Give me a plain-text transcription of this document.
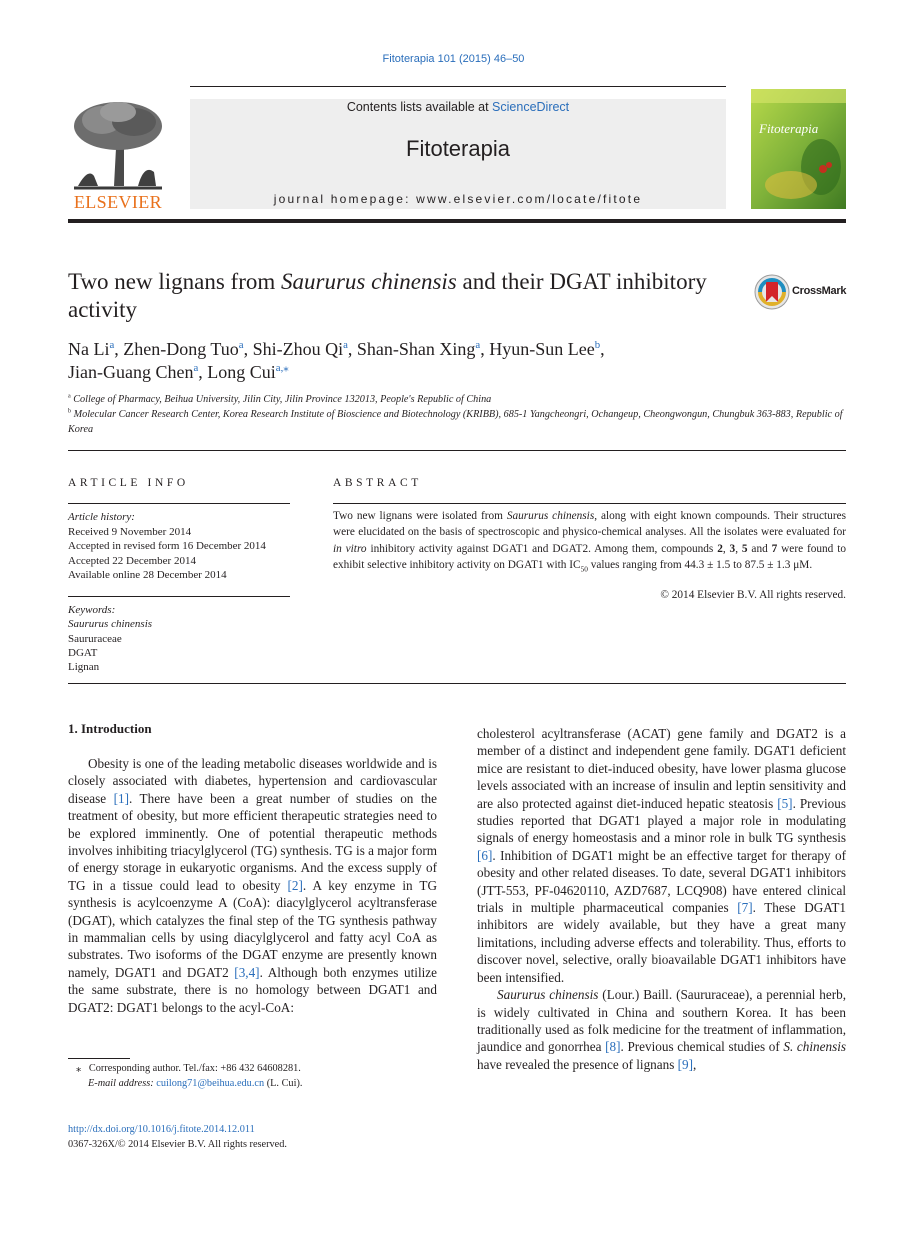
Fitoterapia 101 (2015) 46–50
ELSEVIER
Contents lists available at ScienceDirect
Fitoterapia
journal homepage: www.elsevier.com/locate/fitote
Fitoterapia
Two new lignans from Saururus chinensis and their DGAT inhibitory activity
CrossMark
Na Li$^a$, Zhen-Dong Tuo$^a$, Shi-Zhou Qi$^a$, Shan-Shan Xing$^a$, Hyun-Sun Lee$^b$,
Jian-Guang Chen$^a$, Long Cui$^{a,⁎}$
$^a$ College of Pharmacy, Beihua University, Jilin City, Jilin Province 132013, People's Republic of China
$^b$ Molecular Cancer Research Center, Korea Research Institute of Bioscience and Biotechnology (KRIBB), 685-1 Yangcheongri, Ochangeup, Cheongwongun, Chungbuk 363-883, Republic of Korea
ARTICLE INFO	ABSTRACT
Article history:
Received 9 November 2014
Accepted in revised form 16 December 2014
Accepted 22 December 2014
Available online 28 December 2014
Keywords:
Saururus chinensis
Saururaceae
DGAT
Lignan
Two new lignans were isolated from Saururus chinensis, along with eight known compounds. Their structures were elucidated on the basis of spectroscopic and physico-chemical analyses. All the isolates were evaluated for in vitro inhibitory activity against DGAT1 and DGAT2. Among them, compounds 2, 3, 5 and 7 were found to exhibit selective inhibitory activity on DGAT1 with $IC_{50}$ values ranging from 44.3 ± 1.5 to 87.5 ± 1.3 μM.
© 2014 Elsevier B.V. All rights reserved.
1. Introduction

Obesity is one of the leading metabolic diseases worldwide and is closely associated with diabetes, hypertension and cardiovascular disease [1]. There have been a great number of studies on the treatment of obesity, but more efficient therapeutic strategies need to be explored imminently. One of potential therapeutic methods involves inhibiting triacylglycerol (TG) synthesis. TG is a major form of energy storage in eukaryotic organisms. And the excess supply of TG in a tissue could lead to obesity [2]. A key enzyme in TG synthesis is acylcoenzyme A (CoA): diacylglycerol acyltransferase (DGAT), which catalyzes the final step of the TG synthesis pathway in mammalian cells by using diacylglycerol and fatty acyl CoA as substrates. Two isoforms of the DGAT enzyme are presently known namely, DGAT1 and DGAT2 [3,4]. Although both enzymes utilize the same substrate, there is no homology between DGAT1 and DGAT2: DGAT1 belongs to the acyl-CoA:

cholesterol acyltransferase (ACAT) gene family and DGAT2 is a member of a distinct and independent gene family. DGAT1 deficient mice are resistant to diet-induced obesity, have lower plasma glucose levels associated with an increase of insulin and leptin sensitivity and are also protected against diet-induced hepatic steatosis [5]. Previous studies reported that DGAT1 played a major role in modulating signals of energy homeostasis and a minor role in bulk TG synthesis [6]. Inhibition of DGAT1 might be an effective target for therapy of obesity and other related diseases. To date, several DGAT1 inhibitors (JTT-553, PF-04620110, AZD7687, LCQ908) have entered clinical trials in multiple pharmaceutical companies [7]. These DGAT1 inhibitors are widely available, but they have a great many limitations, including adverse effects and tolerability. Thus, efforts to discover novel, selective, orally bioavailable DGAT1 inhibitors have been intensified.

Saururus chinensis (Lour.) Baill. (Saururaceae), a perennial herb, is widely cultivated in China and southern Korea. It has been traditionally used as folk medicine for the treatment of inflammation, jaundice and gonorrhea [8]. Previous chemical studies of S. chinensis have revealed the presence of lignans [9],

⁎ Corresponding author. Tel./fax: +86 432 64608281.
E-mail address: cuilong71@beihua.edu.cn (L. Cui).
http://dx.doi.org/10.1016/j.fitote.2014.12.011
0367-326X/© 2014 Elsevier B.V. All rights reserved.
